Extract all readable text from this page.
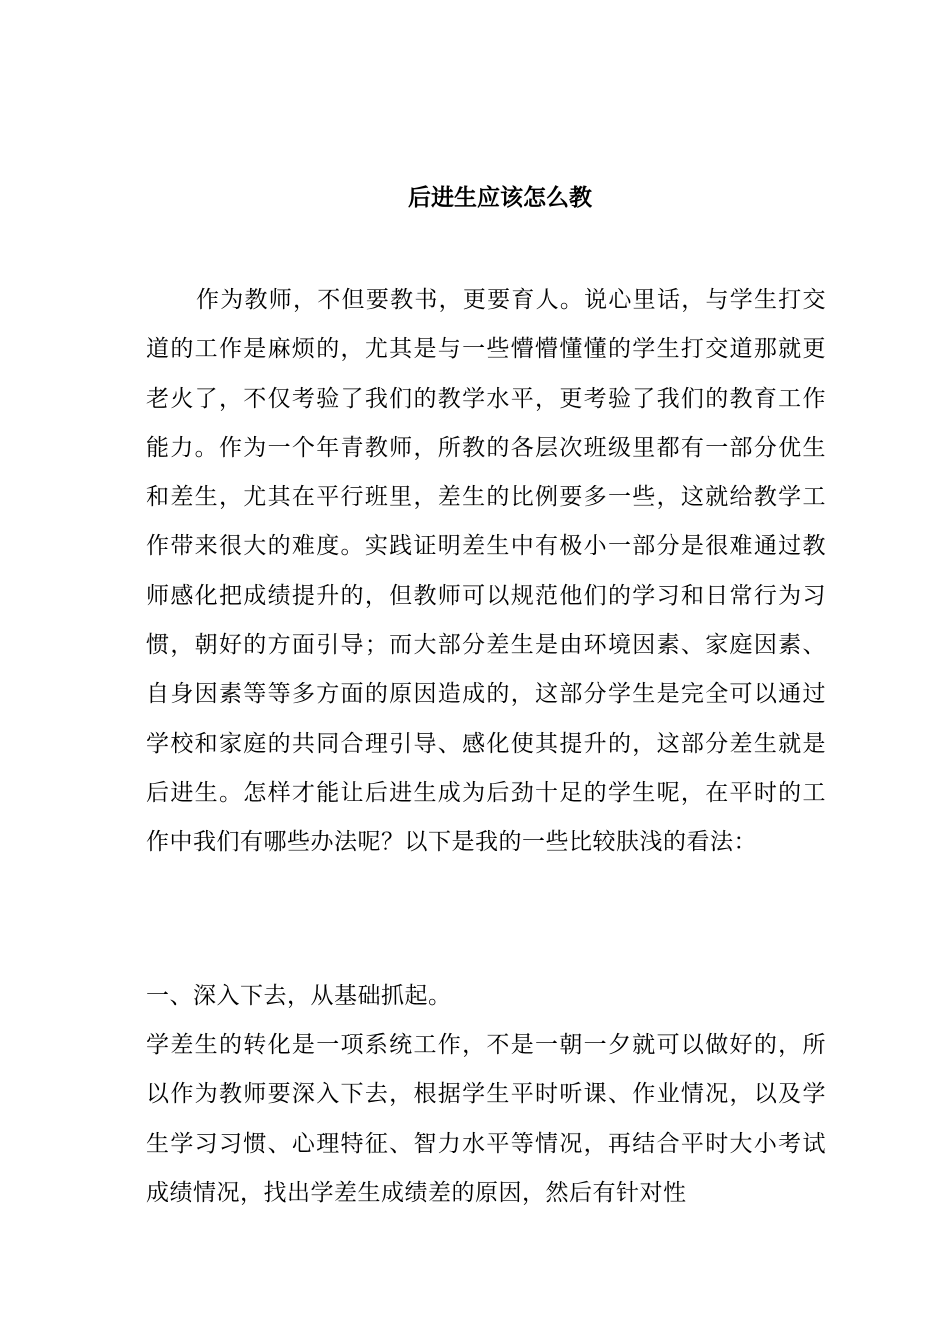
后进生应该怎么教

作为教师，不但要教书，更要育人。说心里话，与学生打交道的工作是麻烦的，尤其是与一些懵懵懂懂的学生打交道那就更老火了，不仅考验了我们的教学水平，更考验了我们的教育工作能力。作为一个年青教师，所教的各层次班级里都有一部分优生和差生，尤其在平行班里，差生的比例要多一些，这就给教学工作带来很大的难度。实践证明差生中有极小一部分是很难通过教师感化把成绩提升的，但教师可以规范他们的学习和日常行为习惯，朝好的方面引导；而大部分差生是由环境因素、家庭因素、自身因素等等多方面的原因造成的，这部分学生是完全可以通过学校和家庭的共同合理引导、感化使其提升的，这部分差生就是后进生。怎样才能让后进生成为后劲十足的学生呢，在平时的工作中我们有哪些办法呢？以下是我的一些比较肤浅的看法：

一、深入下去，从基础抓起。

学差生的转化是一项系统工作，不是一朝一夕就可以做好的，所以作为教师要深入下去，根据学生平时听课、作业情况，以及学生学习习惯、心理特征、智力水平等情况，再结合平时大小考试成绩情况，找出学差生成绩差的原因，然后有针对性
